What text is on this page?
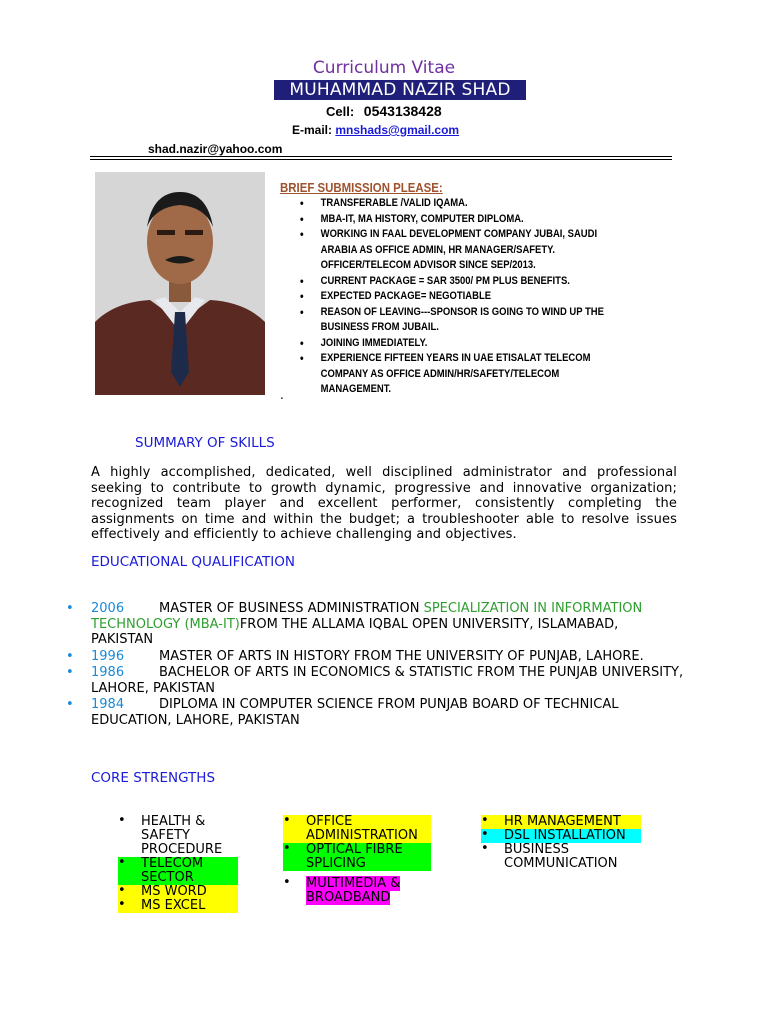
Curriculum Vitae
MUHAMMAD NAZIR SHAD
Cell: 0543138428
E-mail: mnshads@gmail.com
shad.nazir@yahoo.com
BRIEF SUBMISSION PLEASE:
• TRANSFERABLE /VALID IQAMA.
• MBA-IT, MA HISTORY, COMPUTER DIPLOMA.
• WORKING IN FAAL DEVELOPMENT COMPANY JUBAI, SAUDI ARABIA AS OFFICE ADMIN, HR MANAGER/SAFETY. OFFICER/TELECOM ADVISOR SINCE SEP/2013.
• CURRENT PACKAGE = SAR 3500/ PM PLUS BENEFITS.
• EXPECTED PACKAGE= NEGOTIABLE
• REASON OF LEAVING---SPONSOR IS GOING TO WIND UP THE BUSINESS FROM JUBAIL.
• JOINING IMMEDIATELY.
• EXPERIENCE FIFTEEN YEARS IN UAE ETISALAT TELECOM COMPANY AS OFFICE ADMIN/HR/SAFETY/TELECOM MANAGEMENT.
.
SUMMARY OF SKILLS
A highly accomplished, dedicated, well disciplined administrator and professional seeking to contribute to growth dynamic, progressive and innovative organization; recognized team player and excellent performer, consistently completing the assignments on time and within the budget; a troubleshooter able to resolve issues effectively and efficiently to achieve challenging and objectives.
EDUCATIONAL QUALIFICATION
• 2006	MASTER OF BUSINESS ADMINISTRATION SPECIALIZATION IN INFORMATION TECHNOLOGY (MBA-IT)FROM THE ALLAMA IQBAL OPEN UNIVERSITY, ISLAMABAD, PAKISTAN
• 1996	MASTER OF ARTS IN HISTORY FROM THE UNIVERSITY OF PUNJAB, LAHORE.
• 1986	BACHELOR OF ARTS IN ECONOMICS & STATISTIC FROM THE PUNJAB UNIVERSITY, LAHORE, PAKISTAN
• 1984	DIPLOMA IN COMPUTER SCIENCE FROM PUNJAB BOARD OF TECHNICAL EDUCATION, LAHORE, PAKISTAN
CORE STRENGTHS
• HEALTH & SAFETY PROCEDURE
• TELECOM SECTOR
• MS WORD
• MS EXCEL
• OFFICE ADMINISTRATION
• OPTICAL FIBRE SPLICING
• MULTIMEDIA & BROADBAND
• HR MANAGEMENT
• DSL INSTALLATION
• BUSINESS COMMUNICATION
